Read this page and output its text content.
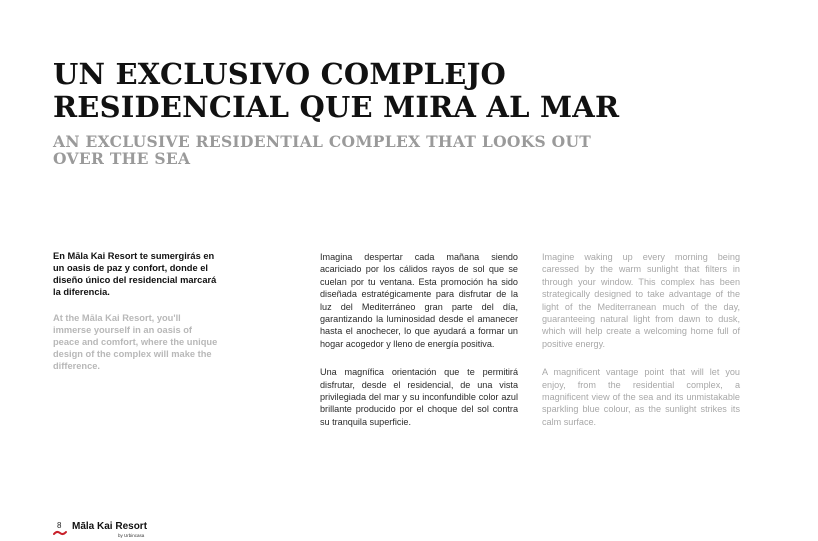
UN EXCLUSIVO COMPLEJO
RESIDENCIAL QUE MIRA AL MAR
AN EXCLUSIVE RESIDENTIAL COMPLEX THAT LOOKS OUT
OVER THE SEA

En Māla Kai Resort te sumergirás en un oasis de paz y confort, donde el diseño único del residencial marcará la diferencia.

At the Māla Kai Resort, you'll immerse yourself in an oasis of peace and comfort, where the unique design of the complex will make the difference.

Imagina despertar cada mañana siendo acariciado por los cálidos rayos de sol que se cuelan por tu ventana. Esta promoción ha sido diseñada estratégicamente para disfrutar de la luz del Mediterráneo gran parte del día, garantizando la luminosidad desde el amanecer hasta el anochecer, lo que ayudará a formar un hogar acogedor y lleno de energía positiva.

Una magnífica orientación que te permitirá disfrutar, desde el residencial, de una vista privilegiada del mar y su inconfundible color azul brillante producido por el choque del sol contra su tranquila superficie.

Imagine waking up every morning being caressed by the warm sunlight that filters in through your window. This complex has been strategically designed to take advantage of the light of the Mediterranean much of the day, guaranteeing natural light from dawn to dusk, which will help create a welcoming home full of positive energy.

A magnificent vantage point that will let you enjoy, from the residential complex, a magnificent view of the sea and its unmistakable sparkling blue colour, as the sunlight strikes its calm surface.

8 Māla Kai Resort
by Urbincasa
